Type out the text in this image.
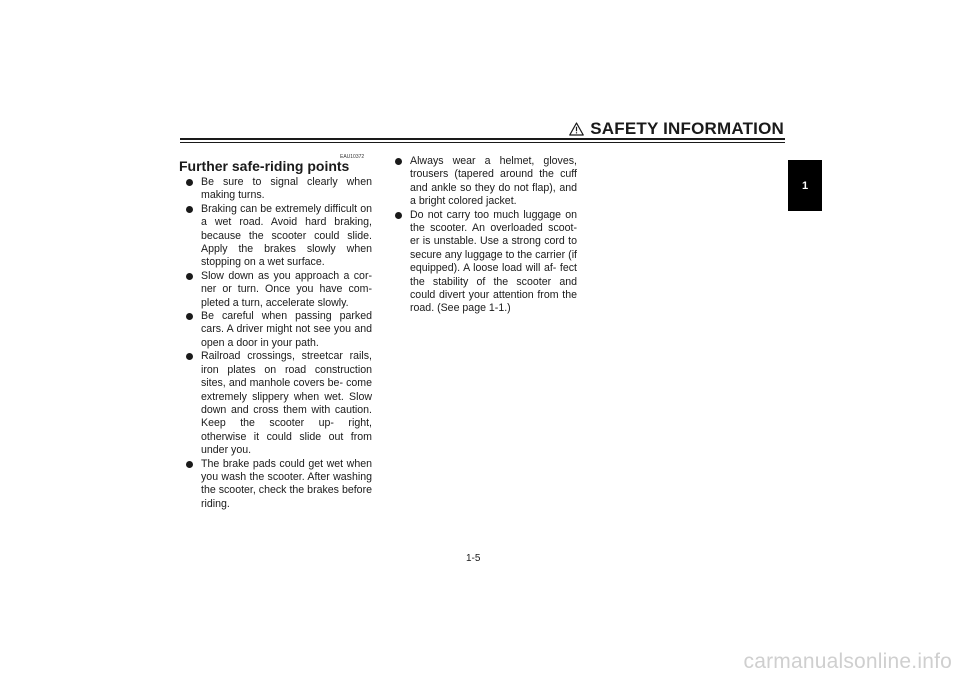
SAFETY INFORMATION
1
EAU10372
Further safe-riding points

Be sure to signal clearly when making turns.

Braking can be extremely difficult on a wet road. Avoid hard braking, because the scooter could slide. Apply the brakes slowly when stopping on a wet surface.

Slow down as you approach a cor- ner or turn. Once you have com- pleted a turn, accelerate slowly.

Be careful when passing parked cars. A driver might not see you and open a door in your path.

Railroad crossings, streetcar rails, iron plates on road construction sites, and manhole covers be- come extremely slippery when wet. Slow down and cross them with caution. Keep the scooter up- right, otherwise it could slide out from under you.

The brake pads could get wet when you wash the scooter. After washing the scooter, check the brakes before riding.

Always wear a helmet, gloves, trousers (tapered around the cuff and ankle so they do not flap), and a bright colored jacket.

Do not carry too much luggage on the scooter. An overloaded scoot- er is unstable. Use a strong cord to secure any luggage to the carrier (if equipped). A loose load will af- fect the stability of the scooter and could divert your attention from the road. (See page 1-1.)

1-5
carmanualsonline.info
